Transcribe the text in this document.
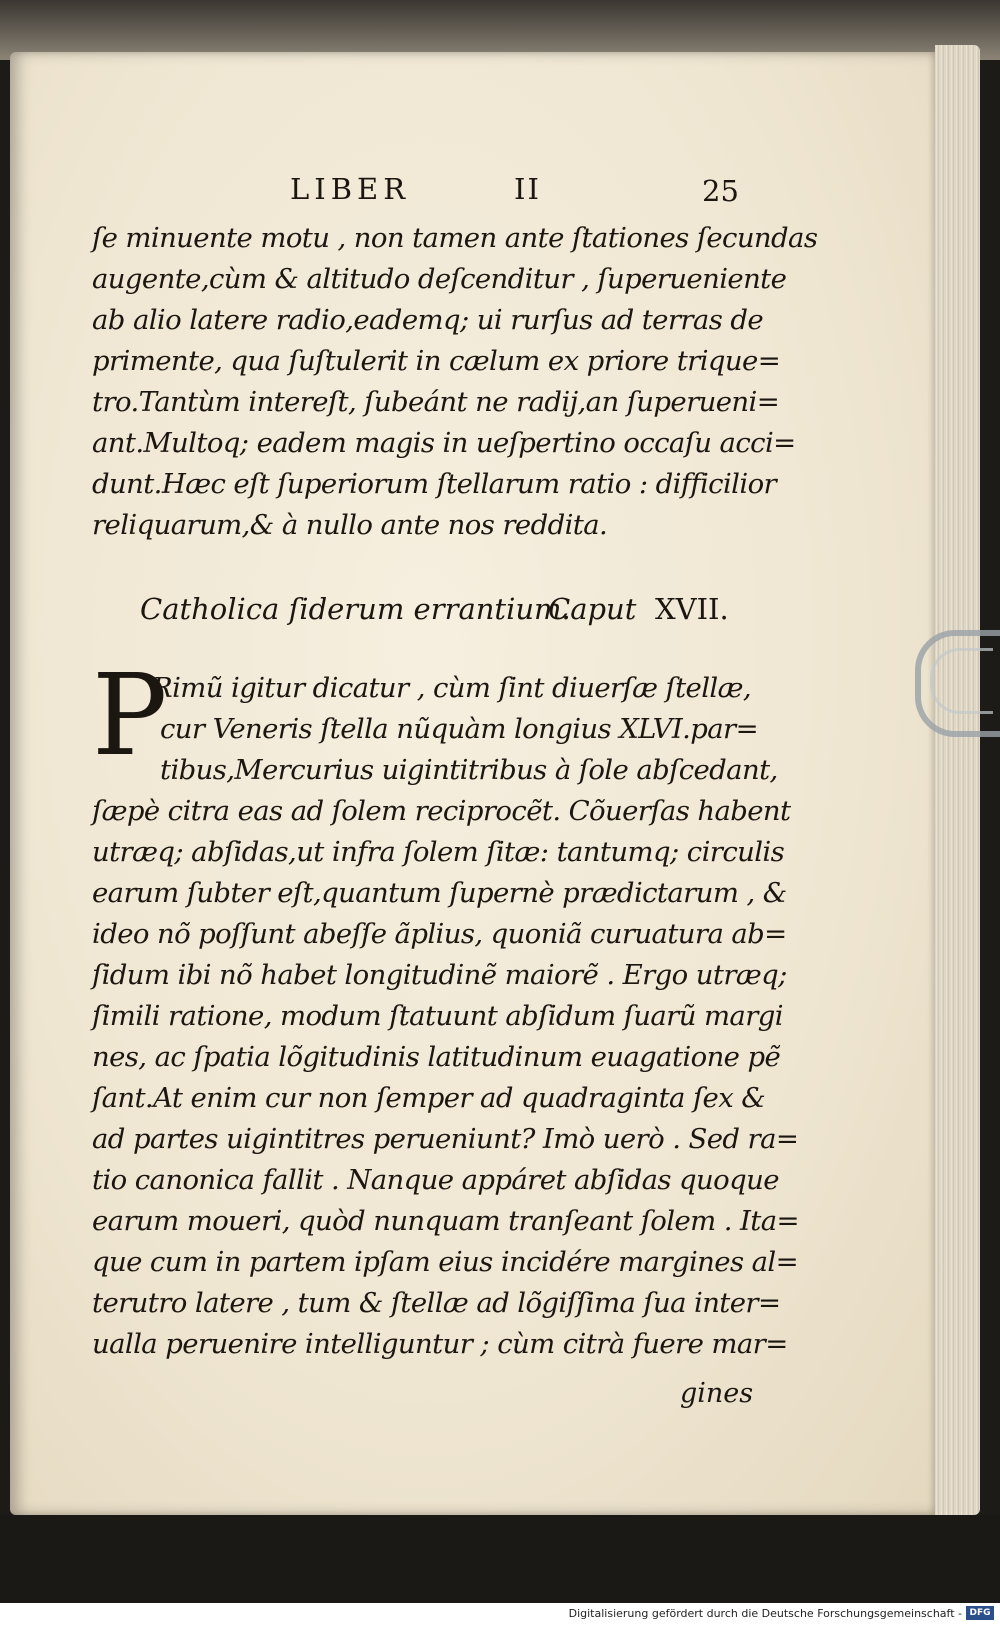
LIBER	II	25
ſe minuente motu , non tamen ante ſtationes ſecundas
augente,cùm & altitudo deſcenditur , ſuperueniente
ab alio latere radio,eademq; ui rurſus ad terras de
primente, qua ſuſtulerit in cælum ex priore trique=
tro.Tantùm intereſt, ſubeánt ne radij,an ſuperueni=
ant.Multoq; eadem magis in ueſpertino occaſu acci=
dunt.Hæc eſt ſuperiorum ſtellarum ratio : difficilior
reliquarum,& à nullo ante nos reddita.
Catholica ſiderum errantium.
Caput XVII.
P
Rimũ igitur dicatur , cùm ſint diuerſæ ſtellæ,
cur Veneris ſtella nũquàm longius XLVI.par=
tibus,Mercurius uigintitribus à ſole abſcedant,
ſæpè citra eas ad ſolem reciprocẽt. Cõuerſas habent
utræq; abſidas,ut infra ſolem ſitæ: tantumq; circulis
earum ſubter eſt,quantum ſupernè prædictarum , &
ideo nõ poſſunt abeſſe ãplius, quoniã curuatura ab=
ſidum ibi nõ habet longitudinẽ maiorẽ . Ergo utræq;
ſimili ratione, modum ſtatuunt abſidum ſuarũ margi
nes, ac ſpatia lõgitudinis latitudinum euagatione pẽ
ſant.At enim cur non ſemper ad quadraginta ſex &
ad partes uigintitres perueniunt? Imò uerò . Sed ra=
tio canonica fallit . Nanque appáret abſidas quoque
earum moueri, quòd nunquam tranſeant ſolem . Ita=
que cum in partem ipſam eius incidére margines al=
terutro latere , tum & ſtellæ ad lõgiſſima ſua inter=
ualla peruenire intelliguntur ; cùm citrà fuere mar=
gines
Digitalisierung gefördert durch die Deutsche Forschungsgemeinschaft - DFG
